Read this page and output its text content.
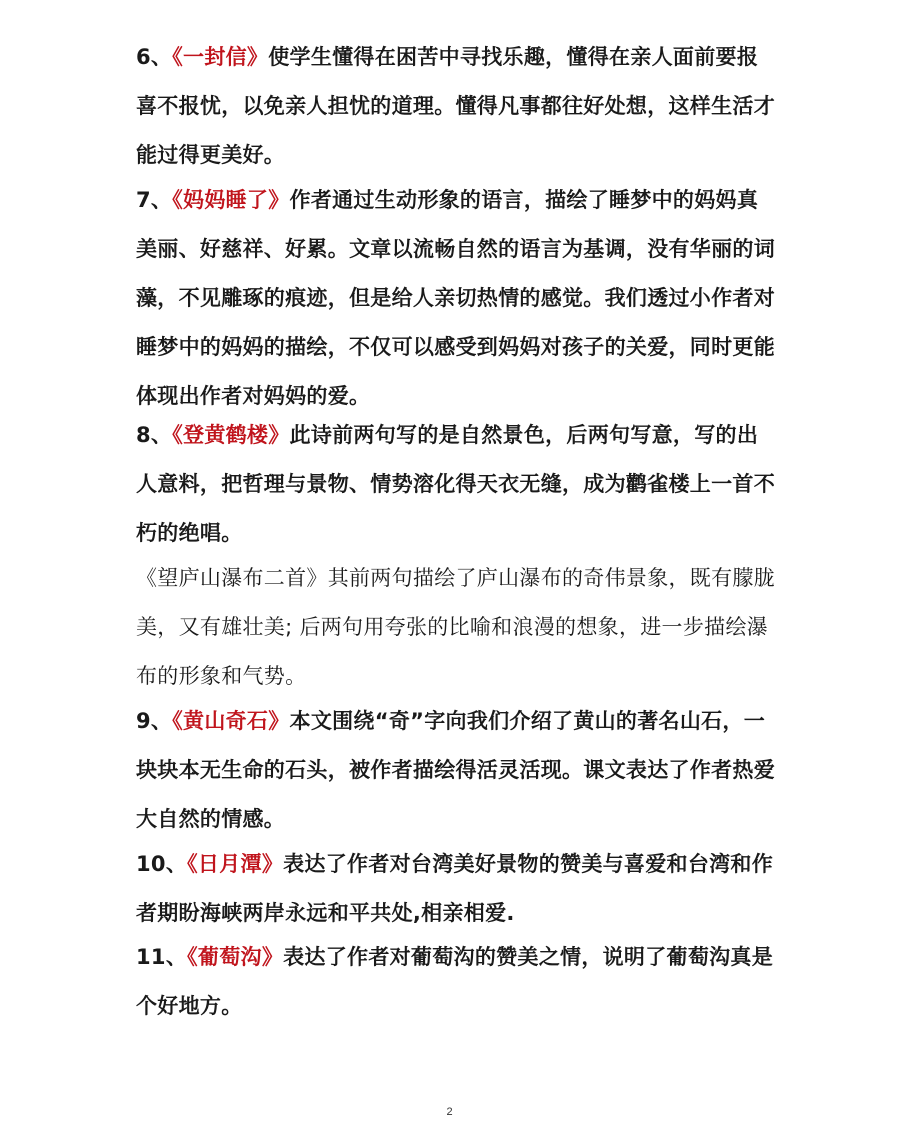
6、《一封信》使学生懂得在困苦中寻找乐趣，懂得在亲人面前要报喜不报忧，以免亲人担忧的道理。懂得凡事都往好处想，这样生活才能过得更美好。

7、《妈妈睡了》作者通过生动形象的语言，描绘了睡梦中的妈妈真美丽、好慈祥、好累。文章以流畅自然的语言为基调，没有华丽的词藻，不见雕琢的痕迹，但是给人亲切热情的感觉。我们透过小作者对睡梦中的妈妈的描绘，不仅可以感受到妈妈对孩子的关爱，同时更能体现出作者对妈妈的爱。

8、《登黄鹤楼》此诗前两句写的是自然景色，后两句写意，写的出人意料，把哲理与景物、情势溶化得天衣无缝，成为鹳雀楼上一首不朽的绝唱。

《望庐山瀑布二首》其前两句描绘了庐山瀑布的奇伟景象，既有朦胧美，又有雄壮美; 后两句用夸张的比喻和浪漫的想象，进一步描绘瀑布的形象和气势。

9、《黄山奇石》本文围绕“奇”字向我们介绍了黄山的著名山石，一块块本无生命的石头，被作者描绘得活灵活现。课文表达了作者热爱大自然的情感。

10、《日月潭》表达了作者对台湾美好景物的赞美与喜爱和台湾和作者期盼海峡两岸永远和平共处,相亲相爱.

11、《葡萄沟》表达了作者对葡萄沟的赞美之情，说明了葡萄沟真是个好地方。

2
